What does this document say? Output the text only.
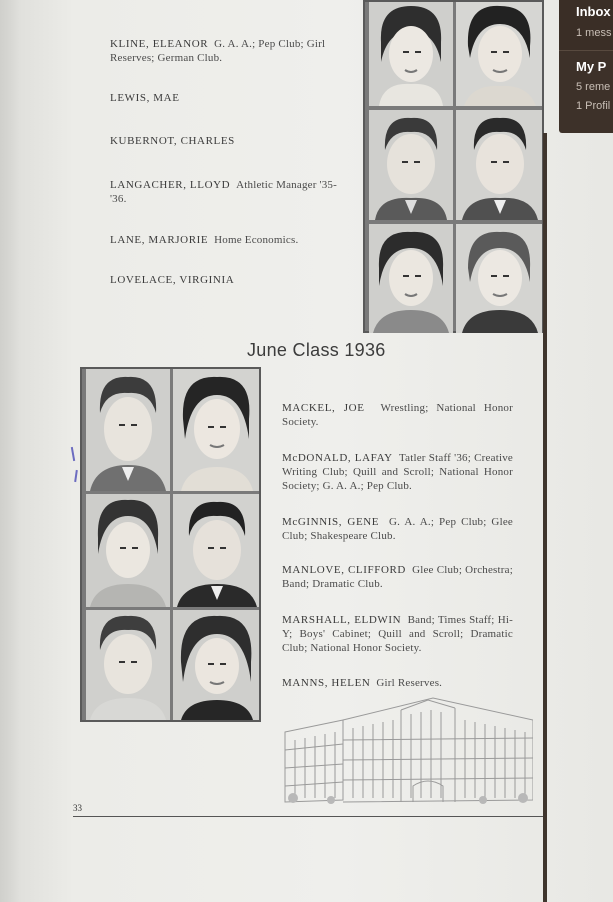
KLINE, ELEANOR G. A. A.; Pep Club; Girl Reserves; German Club.
LEWIS, MAE
KUBERNOT, CHARLES
LANGACHER, LLOYD Athletic Manager '35-'36.
LANE, MARJORIE Home Economics.
LOVELACE, VIRGINIA
June Class 1936
MACKEL, JOE Wrestling; National Honor Society.
McDONALD, LAFAY Tatler Staff '36; Creative Writing Club; Quill and Scroll; National Honor Society; G. A. A.; Pep Club.
McGINNIS, GENE G. A. A.; Pep Club; Glee Club; Shakespeare Club.
MANLOVE, CLIFFORD Glee Club; Orchestra; Band; Dramatic Club.
MARSHALL, ELDWIN Band; Times Staff; Hi-Y; Boys' Cabinet; Quill and Scroll; Dramatic Club; National Honor Society.
MANNS, HELEN Girl Reserves.
33
Inbox
1 mess
My P
5 reme
1 Profil
